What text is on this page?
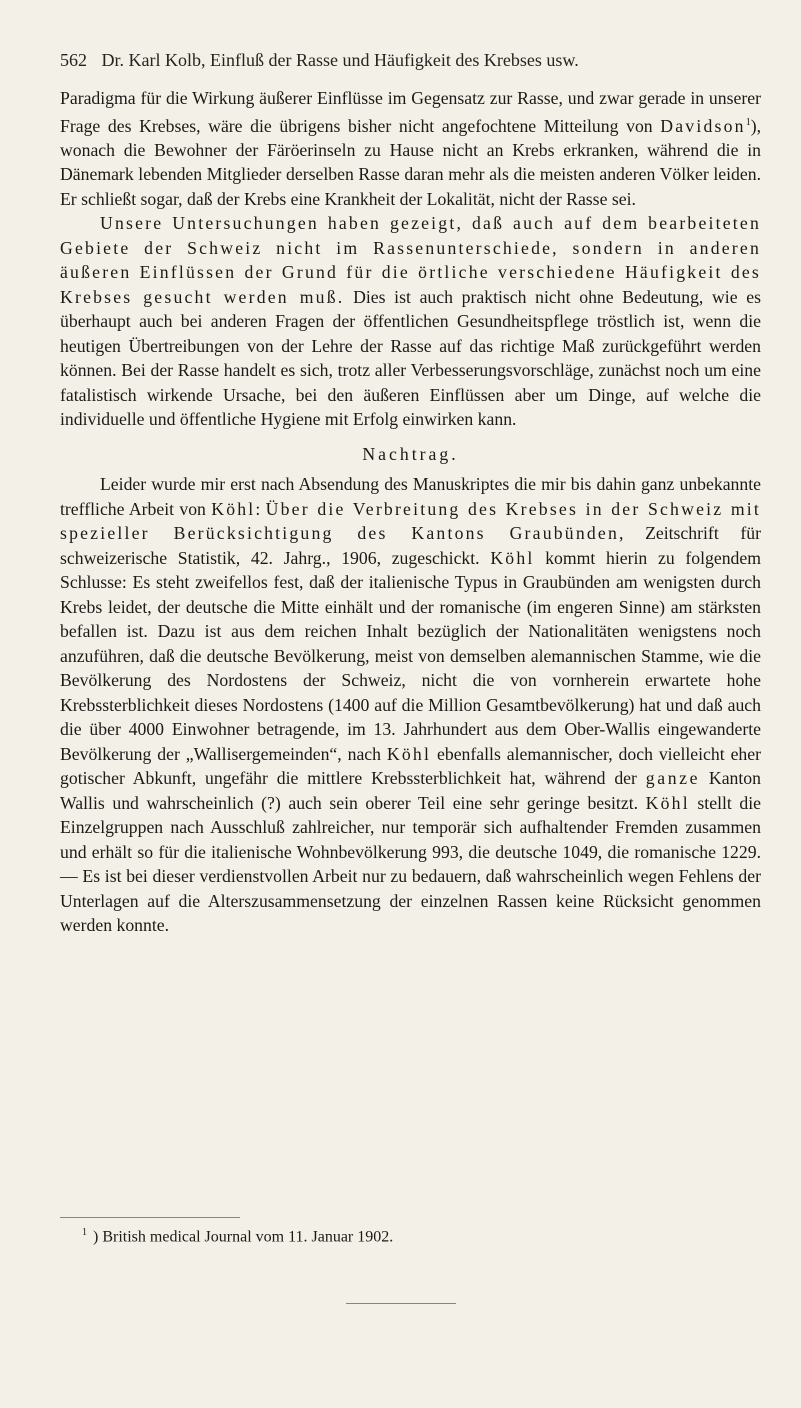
562 Dr. Karl Kolb, Einfluß der Rasse und Häufigkeit des Krebses usw.

Paradigma für die Wirkung äußerer Einflüsse im Gegensatz zur Rasse, und zwar gerade in unserer Frage des Krebses, wäre die übrigens bisher nicht angefochtene Mitteilung von Davidson$^1$), wonach die Bewohner der Färöerinseln zu Hause nicht an Krebs erkranken, während die in Dänemark lebenden Mitglieder derselben Rasse daran mehr als die meisten anderen Völker leiden. Er schließt sogar, daß der Krebs eine Krankheit der Lokalität, nicht der Rasse sei.

Unsere Untersuchungen haben gezeigt, daß auch auf dem bearbeiteten Gebiete der Schweiz nicht im Rassenunterschiede, sondern in anderen äußeren Einflüssen der Grund für die örtliche verschiedene Häufigkeit des Krebses gesucht werden muß. Dies ist auch praktisch nicht ohne Bedeutung, wie es überhaupt auch bei anderen Fragen der öffentlichen Gesundheitspflege tröstlich ist, wenn die heutigen Übertreibungen von der Lehre der Rasse auf das richtige Maß zurückgeführt werden können. Bei der Rasse handelt es sich, trotz aller Verbesserungsvorschläge, zunächst noch um eine fatalistisch wirkende Ursache, bei den äußeren Einflüssen aber um Dinge, auf welche die individuelle und öffentliche Hygiene mit Erfolg einwirken kann.

Nachtrag.

Leider wurde mir erst nach Absendung des Manuskriptes die mir bis dahin ganz unbekannte treffliche Arbeit von Köhl: Über die Verbreitung des Krebses in der Schweiz mit spezieller Berücksichtigung des Kantons Graubünden, Zeitschrift für schweizerische Statistik, 42. Jahrg., 1906, zugeschickt. Köhl kommt hierin zu folgendem Schlusse: Es steht zweifellos fest, daß der italienische Typus in Graubünden am wenigsten durch Krebs leidet, der deutsche die Mitte einhält und der romanische (im engeren Sinne) am stärksten befallen ist. Dazu ist aus dem reichen Inhalt bezüglich der Nationalitäten wenigstens noch anzuführen, daß die deutsche Bevölkerung, meist von demselben alemannischen Stamme, wie die Bevölkerung des Nordostens der Schweiz, nicht die von vornherein erwartete hohe Krebssterblichkeit dieses Nordostens (1400 auf die Million Gesamtbevölkerung) hat und daß auch die über 4000 Einwohner betragende, im 13. Jahrhundert aus dem Ober-Wallis eingewanderte Bevölkerung der „Wallisergemeinden“, nach Köhl ebenfalls alemannischer, doch vielleicht eher gotischer Abkunft, ungefähr die mittlere Krebssterblichkeit hat, während der ganze Kanton Wallis und wahrscheinlich (?) auch sein oberer Teil eine sehr geringe besitzt. Köhl stellt die Einzelgruppen nach Ausschluß zahlreicher, nur temporär sich aufhaltender Fremden zusammen und erhält so für die italienische Wohnbevölkerung 993, die deutsche 1049, die romanische 1229. — Es ist bei dieser verdienstvollen Arbeit nur zu bedauern, daß wahrscheinlich wegen Fehlens der Unterlagen auf die Alterszusammensetzung der einzelnen Rassen keine Rücksicht genommen werden konnte.

$^1$ ) British medical Journal vom 11. Januar 1902.
